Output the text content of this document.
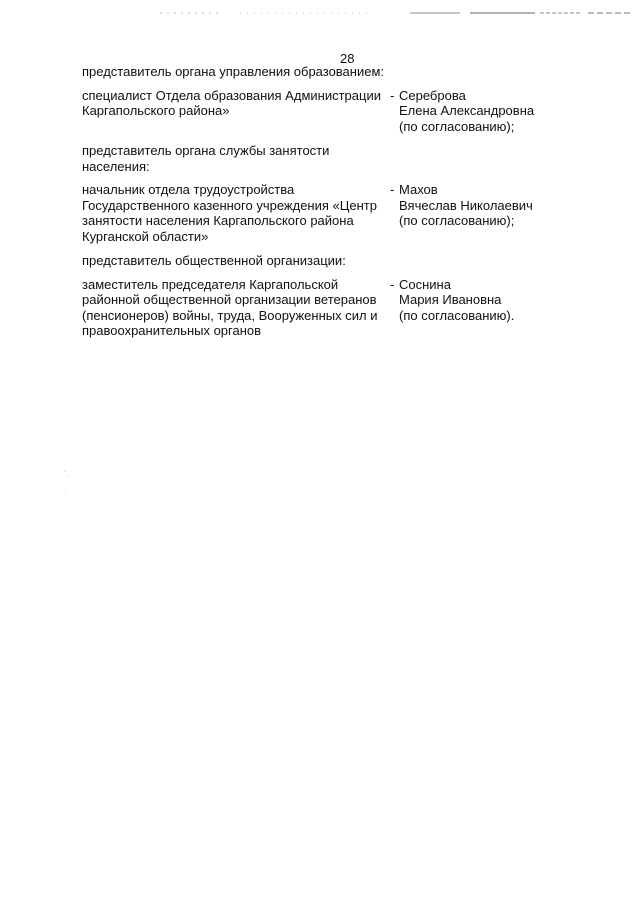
28

представитель органа управления образованием:

специалист Отдела образования Администрации
Каргапольского района»
- Сереброва
Елена Александровна
(по согласованию);

представитель органа службы занятости
населения:

начальник отдела трудоустройства
Государственного казенного учреждения «Центр
занятости населения Каргапольского района
Курганской области»
- Махов
Вячеслав Николаевич
(по согласованию);

представитель общественной организации:

заместитель председателя Каргапольской
районной общественной организации ветеранов
(пенсионеров) войны, труда, Вооруженных сил и
правоохранительных органов
- Соснина
Мария Ивановна
(по согласованию).
